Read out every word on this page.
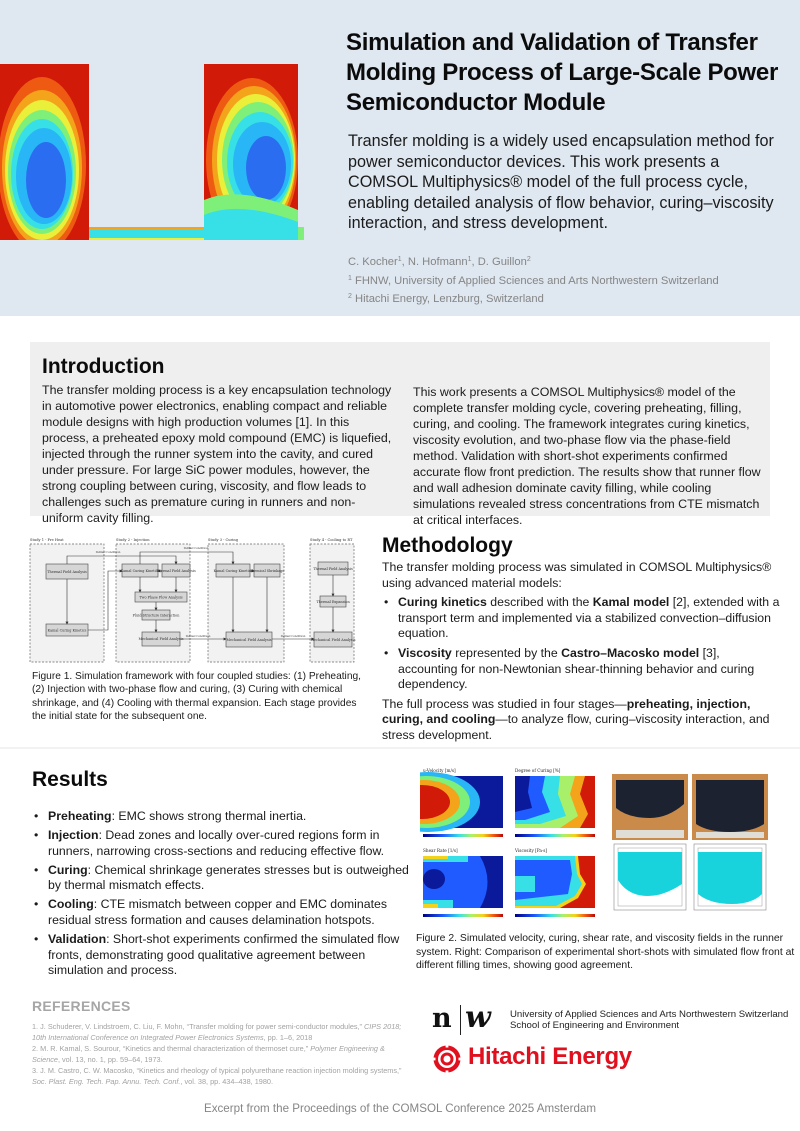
Simulation and Validation of Transfer Molding Process of Large-Scale Power Semiconductor Module
Transfer molding is a widely used encapsulation method for power semiconductor devices. This work presents a COMSOL Multiphysics® model of the full process cycle, enabling detailed analysis of flow behavior, curing–viscosity interaction, and stress development.
C. Kocher$^1$, N. Hofmann$^1$, D. Guillon$^2$
$^1$ FHNW, University of Applied Sciences and Arts Northwestern Switzerland
$^2$ Hitachi Energy, Lenzburg, Switzerland
Introduction
The transfer molding process is a key encapsulation technology in automotive power electronics, enabling compact and reliable module designs with high production volumes [1]. In this process, a preheated epoxy mold compound (EMC) is liquefied, injected through the runner system into the cavity, and cured under pressure. For large SiC power modules, however, the strong coupling between curing, viscosity, and flow leads to challenges such as premature curing in runners and non-uniform cavity filling.
This work presents a COMSOL Multiphysics® model of the complete transfer molding cycle, covering preheating, filling, curing, and cooling. The framework integrates curing kinetics, viscosity evolution, and two-phase flow via the phase-field method. Validation with short-shot experiments confirmed accurate flow front prediction. The results show that runner flow and wall adhesion dominate cavity filling, while cooling simulations revealed stress concentrations from CTE mismatch at critical interfaces.
Study 1 - Pre Heat	Study 2 - Injection	Study 3 - Curing	Study 4 - Cooling to RT
Thermal Field Analysis
Kamal Curing Kinetics
Kamal Curing Kinetics
Thermal Field Analysis
Two Phase Flow Analysis
Fluid-Structure Interaction
Mechanical Field Analysis
Kamal Curing Kinetics
Chemical Shrinkage
Mechanical Field Analysis
Thermal Field Analysis
Thermal Expansion
Mechanical Field Analysis
Initial Condition
Initial Condition
Initial Condition	Initial Condition
Figure 1. Simulation framework with four coupled studies: (1) Preheating, (2) Injection with two-phase flow and curing, (3) Curing with chemical shrinkage, and (4) Cooling with thermal expansion. Each stage provides the initial state for the subsequent one.
Methodology
The transfer molding process was simulated in COMSOL Multiphysics® using advanced material models:
• Curing kinetics described with the Kamal model [2], extended with a transport term and implemented via a stabilized convection–diffusion equation.
• Viscosity represented by the Castro–Macosko model [3], accounting for non-Newtonian shear-thinning behavior and curing dependency.
The full process was studied in four stages—preheating, injection, curing, and cooling—to analyze flow, curing–viscosity interaction, and stress development.
Results
• Preheating: EMC shows strong thermal inertia.
• Injection: Dead zones and locally over-cured regions form in runners, narrowing cross-sections and reducing effective flow.
• Curing: Chemical shrinkage generates stresses but is outweighed by thermal mismatch effects.
• Cooling: CTE mismatch between copper and EMC dominates residual stress formation and causes delamination hotspots.
• Validation: Short-shot experiments confirmed the simulated flow fronts, demonstrating good qualitative agreement between simulation and process.
u-Velocity [m/s]	Degree of Curing [%]
Shear Rate [1/s]	Viscosity [Pa·s]
Figure 2. Simulated velocity, curing, shear rate, and viscosity fields in the runner system. Right: Comparison of experimental short-shots with simulated flow front at different filling times, showing good agreement.
REFERENCES
1. J. Schuderer, V. Lindstroem, C. Liu, F. Mohn, “Transfer molding for power semi-conductor modules,” CIPS 2018; 10th International Conference on Integrated Power Electronics Systems, pp. 1–6, 2018
2. M. R. Kamal, S. Sourour, “Kinetics and thermal characterization of thermoset cure,” Polymer Engineering & Science, vol. 13, no. 1, pp. 59–64, 1973.
3. J. M. Castro, C. W. Macosko, “Kinetics and rheology of typical polyurethane reaction injection molding systems,” Soc. Plast. Eng. Tech. Pap. Annu. Tech. Conf., vol. 38, pp. 434–438, 1980.
n w University of Applied Sciences and Arts Northwestern Switzerland
School of Engineering and Environment
Hitachi Energy
Excerpt from the Proceedings of the COMSOL Conference 2025 Amsterdam
